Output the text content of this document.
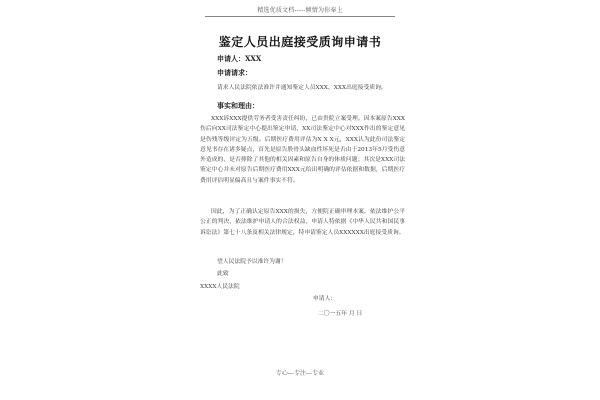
精选优质文档-----倾情为你奉上
鉴定人员出庭接受质询申请书
申请人：XXX
申请请求：
请求人民法院依法准许并通知鉴定人员XXX、XXX出庭接受质询。
事实和理由：
XXX诉XXX提供劳务者受害责任纠纷，已由贵院立案受理。因本案原告XXX伤后向XX司法鉴定中心提出鉴定申请，XX司法鉴定中心对XXX作出的鉴定意见是伤残等级评定为五级。后期医疗费用评估为X X X元，XXX认为此份司法鉴定意见书存在诸多疑点，首先是原告股骨头缺血性坏死是否由于2013年5月受伤意外造成的，是否排除了其他的相关因素和原告自身的体质问题；其次是XXX司法鉴定中心并未对原告后期医疗费用XXX元给出明确的评估依据和数据，后期医疗费用评估明显偏高且与案件事实不符。
因此，为了正确认定原告XXX的损失，方便院正确审理本案，依法维护公平公正的判决，依法维护申请人的合法权益，申请人特依据《中华人民共和国民事诉讼法》第七十八条及相关法律规定，特申请鉴定人员XXXXXX出庭接受质询。
望人民法院予以准许为谢！
此致
XXXX人民法院
申请人：
二〇一五年 月 日
专心---专注---专业
